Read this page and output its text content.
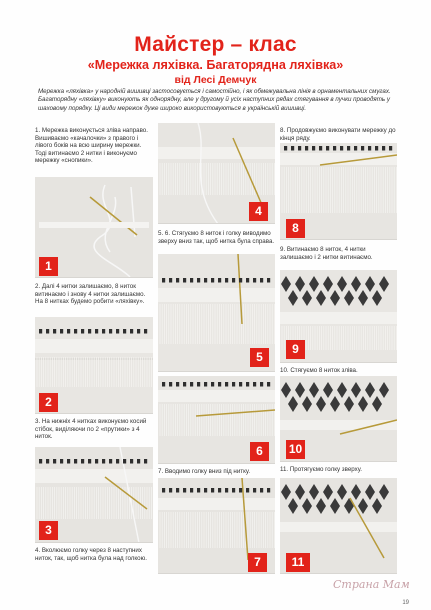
Майстер – клас
«Мережка ляхівка. Багаторядна ляхівка»
від Лесі Демчук
Мережка «ляхівка» у народній вишивці застосовується і самостійно, і як обмежувальна лінія в орнаментальних смугах. Багаторядну «ляхівку» виконують як однорядну, але у другому й усіх наступних рядах стягування в пучки проводять у шаховому порядку. Ці види мережок дуже широко використовуються в українській вишивці.
1. Мережка виконується зліва направо. Вишиваємо «качалочки» з правого і лівого боків на всю ширину мережки. Тоді витинаємо 2 нитки і виконуємо мережку «снопики».
1
2. Далі 4 нитки залишаємо, 8 ниток витинаємо і знову 4 нитки залишаємо. На 8 нитках будемо робити «ляхівку».
2
3. На нижніх 4 нитках виконуємо косий стібок, виділяючи по 2 «прутики» з 4 ниток.
3
4. Вколюємо голку через 8 наступних ниток, так, щоб нитка була над голкою.
4
5. 6. Стягуємо 8 ниток і голку виводимо зверху вниз так, щоб нитка була справа.
5
6
7. Вводимо голку вниз під нитку.
7
8. Продовжуємо виконувати мережку до кінця ряду.
8
9. Витинаємо 8 ниток, 4 нитки залишаємо і 2 нитки витинаємо.
9
10. Стягуємо 8 ниток зліва.
10
11. Протягуємо голку зверху.
11
Страна Мам
19
